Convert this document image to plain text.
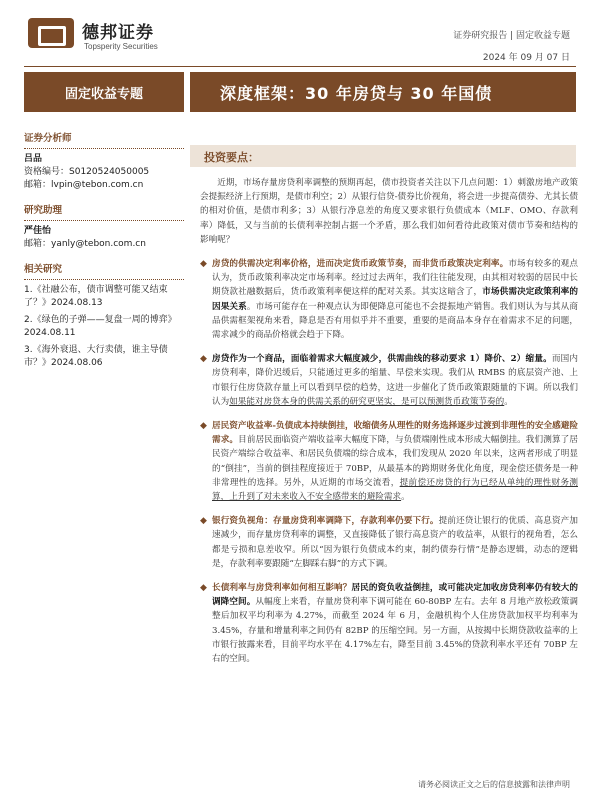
德邦证券
Topsperity Securities
证券研究报告 | 固定收益专题
2024 年 09 月 07 日
固定收益专题	深度框架：30 年房贷与 30 年国债
证券分析师

吕品

资格编号：S0120524050005

邮箱：lvpin@tebon.com.cn

研究助理

严佳怡

邮箱：yanly@tebon.com.cn

相关研究

1.《社融公布，债市调整可能又结束了？》2024.08.13

2.《绿色的子弹——复盘一周的博弈》2024.08.11

3.《海外衰退、大行卖债，谁主导债市？》2024.08.06

投资要点：

近期，市场存量房贷利率调整的预期再起，债市投资者关注以下几点问题：1）刺激房地产政策会提振经济上行预期，是债市利空；2）从银行信贷-债券比价视角，将会进一步提高债券、尤其长债的相对价值，是债市利多；3）从银行净息差的角度又要求银行负债成本（MLF、OMO、存款利率）降低，又与当前的长债利率控制占据一个矛盾，那么我们如何看待此政策对债市节奏和结构的影响呢？

◆ 房贷的供需决定利率价格，进而决定货币政策节奏，而非货币政策决定利率。市场有较多的观点认为，货币政策利率决定市场利率。经过过去两年，我们往往能发现，由其相对较弱的居民中长期贷款社融数据后，货币政策利率便这样的配对关系。其实这暗含了，市场供需决定政策利率的因果关系。市场可能存在一种观点认为即便降息可能也不会提振地产销售。我们则认为与其从商品供需框架视角来看，降息是否有用似乎并不重要，重要的是商品本身存在着需求不足的问题，需求减少的商品价格就会趋于下降。
◆ 房贷作为一个商品，面临着需求大幅度减少，供需曲线的移动要求 1）降价、2）缩量。而国内房贷利率，降价迟缓后，只能通过更多的缩量、早偿来实现。我们从 RMBS 的底层资产池、上市银行住房贷款存量上可以看到早偿的趋势，这进一步催化了货币政策跟随量的下调。所以我们认为如果能对房贷本身的供需关系的研究更坚实，是可以预测货币政策节奏的。
◆ 居民资产收益率-负债成本持续倒挂，收缩债务从理性的财务选择逐步过渡到非理性的安全感避险需求。目前居民面临资产端收益率大幅度下降，与负债端刚性成本形成大幅倒挂。我们测算了居民资产端综合收益率、和居民负债端的综合成本，我们发现从 2020 年以来，这两者形成了明显的“倒挂”，当前的倒挂程度接近于 70BP，从最基本的跨期财务优化角度，现金偿还债务是一种非常理性的选择。另外，从近期的市场交流看，提前偿还房贷的行为已经从单纯的理性财务测算，上升到了对未来收入不安全感带来的避险需求。
◆ 银行资负视角：存量房贷利率调降下，存款利率仍要下行。提前还贷让银行的优质、高息资产加速减少，而存量房贷利率的调整，又直接降低了银行高息资产的收益率，从银行的视角看，怎么都是亏损和息差收窄。所以“因为银行负债成本约束，制约债券行情”是静态逻辑，动态的逻辑是，存款利率要跟随“左脚踩右脚”的方式下调。
◆ 长债利率与房贷利率如何相互影响？居民的资负收益倒挂，或可能决定加收房贷利率仍有较大的调降空间。从幅度上来看，存量房贷利率下调可能在 60-80BP 左右。去年 8 月地产放松政策调整后加权平均利率为 4.27%，而截至 2024 年 6 月，金融机构个人住房贷款加权平均利率为 3.45%，存量和增量利率之间仍有 82BP 的压缩空间。另一方面，从按揭中长期贷款收益率的上市银行披露来看，目前平均水平在 4.17%左右，降至目前 3.45%的贷款利率水平还有 70BP 左右的空间。
请务必阅读正文之后的信息披露和法律声明
